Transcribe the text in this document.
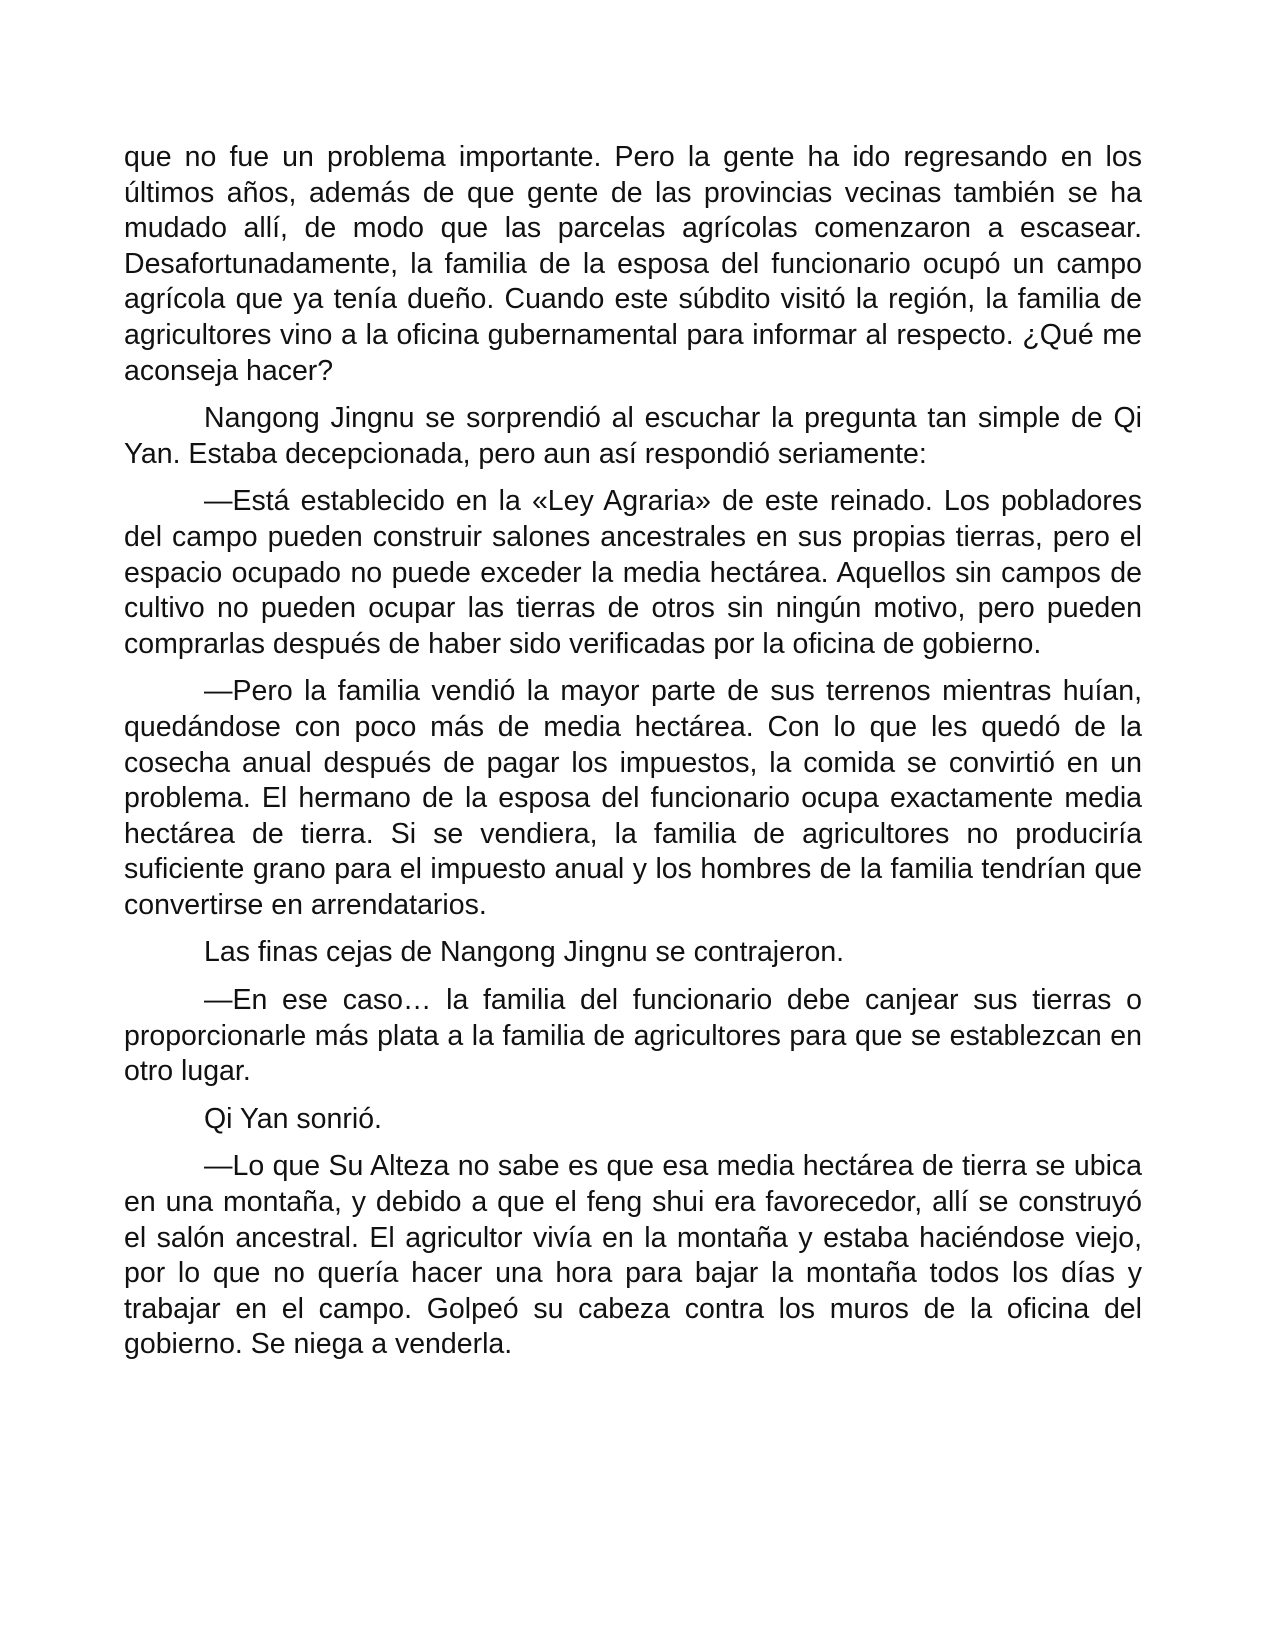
que no fue un problema importante. Pero la gente ha ido regresando en los últimos años, además de que gente de las provincias vecinas también se ha mudado allí, de modo que las parcelas agrícolas comenzaron a escasear. Desafortunadamente, la familia de la esposa del funcionario ocupó un campo agrícola que ya tenía dueño. Cuando este súbdito visitó la región, la familia de agricultores vino a la oficina gubernamental para informar al respecto. ¿Qué me aconseja hacer?

Nangong Jingnu se sorprendió al escuchar la pregunta tan simple de Qi Yan. Estaba decepcionada, pero aun así respondió seriamente:

—Está establecido en la «Ley Agraria» de este reinado. Los pobladores del campo pueden construir salones ancestrales en sus propias tierras, pero el espacio ocupado no puede exceder la media hectárea. Aquellos sin campos de cultivo no pueden ocupar las tierras de otros sin ningún motivo, pero pueden comprarlas después de haber sido verificadas por la oficina de gobierno.

—Pero la familia vendió la mayor parte de sus terrenos mientras huían, quedándose con poco más de media hectárea. Con lo que les quedó de la cosecha anual después de pagar los impuestos, la comida se convirtió en un problema. El hermano de la esposa del funcionario ocupa exactamente media hectárea de tierra. Si se vendiera, la familia de agricultores no produciría suficiente grano para el impuesto anual y los hombres de la familia tendrían que convertirse en arrendatarios.

Las finas cejas de Nangong Jingnu se contrajeron.

—En ese caso… la familia del funcionario debe canjear sus tierras o proporcionarle más plata a la familia de agricultores para que se establezcan en otro lugar.

Qi Yan sonrió.

—Lo que Su Alteza no sabe es que esa media hectárea de tierra se ubica en una montaña, y debido a que el feng shui era favorecedor, allí se construyó el salón ancestral. El agricultor vivía en la montaña y estaba haciéndose viejo, por lo que no quería hacer una hora para bajar la montaña todos los días y trabajar en el campo. Golpeó su cabeza contra los muros de la oficina del gobierno. Se niega a venderla.
